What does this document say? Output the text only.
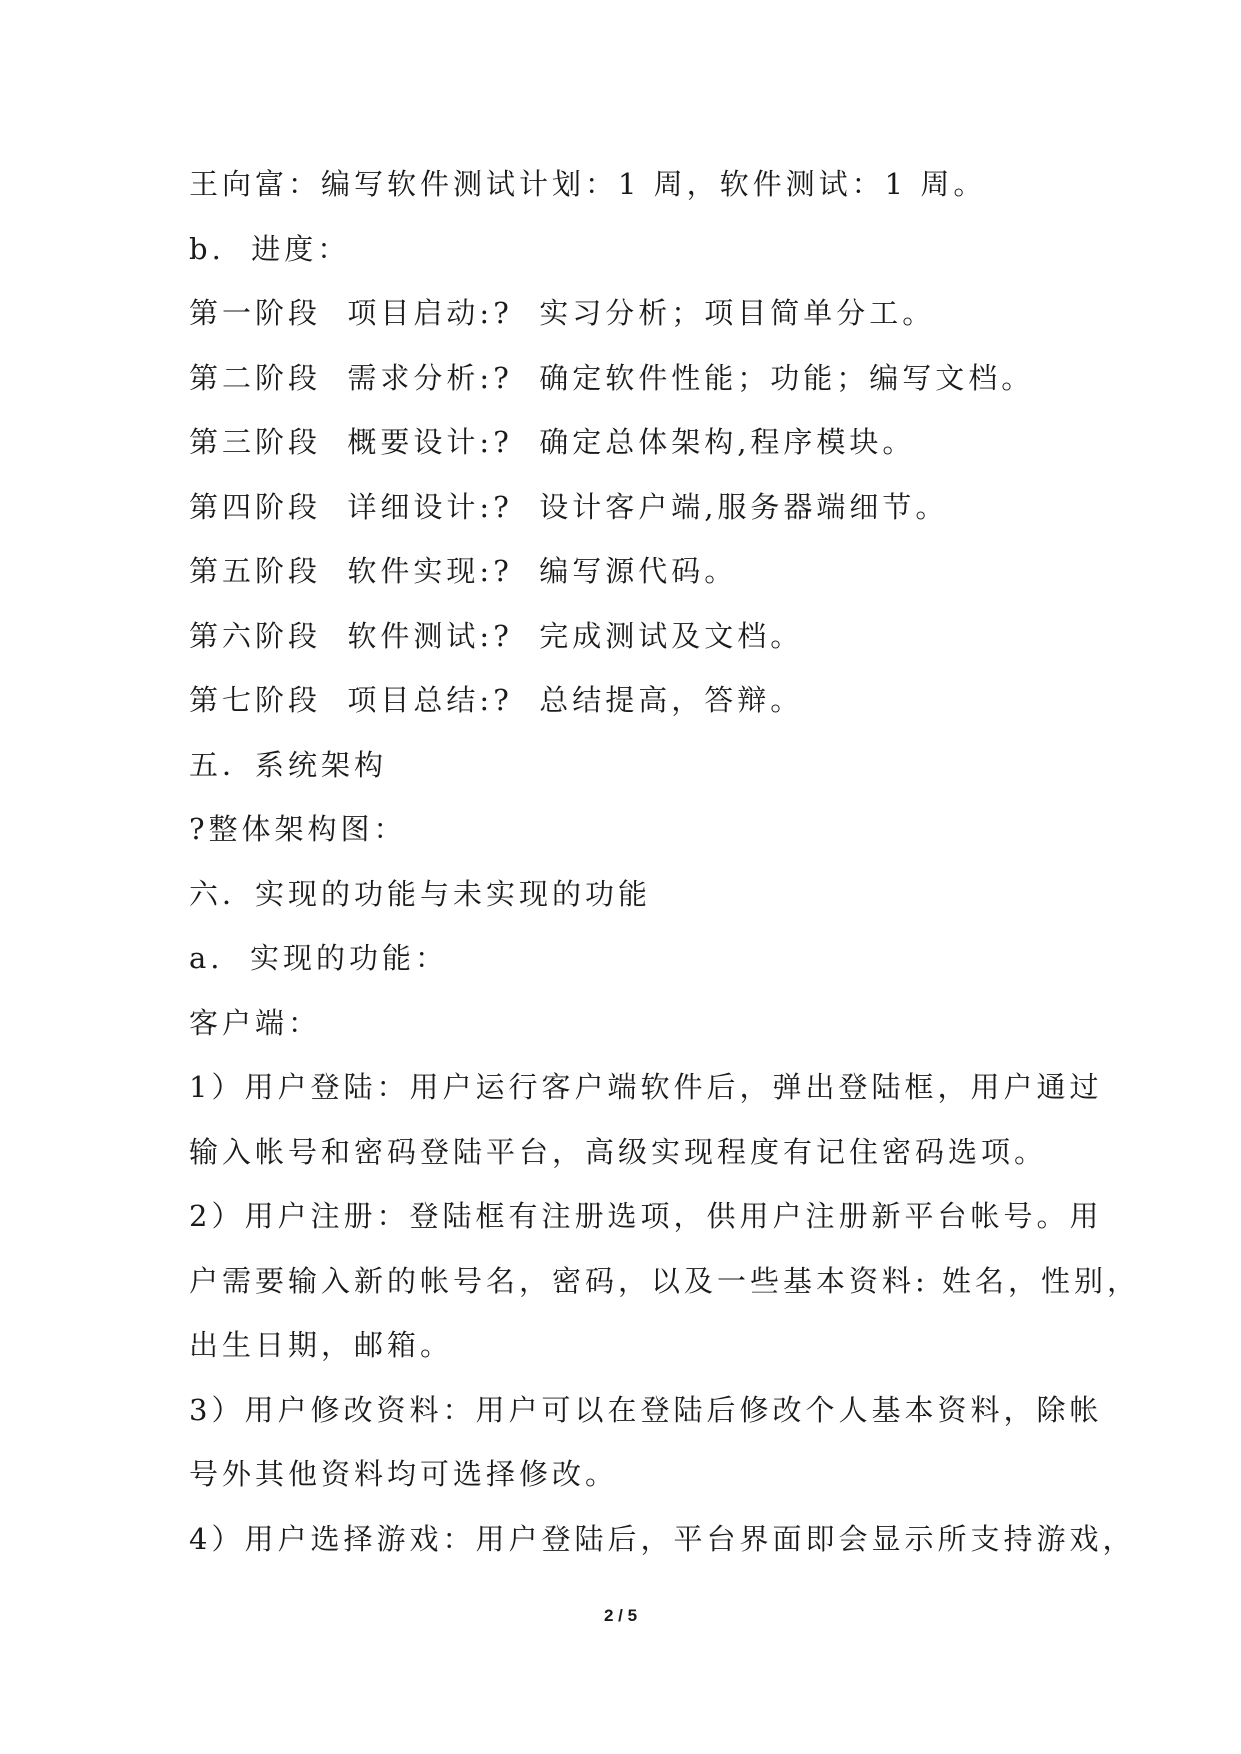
王向富：编写软件测试计划：1 周，软件测试：1 周。
b.  进度：
第一阶段  项目启动:?  实习分析；项目简单分工。
第二阶段  需求分析:?  确定软件性能；功能；编写文档。
第三阶段  概要设计:?  确定总体架构,程序模块。
第四阶段  详细设计:?  设计客户端,服务器端细节。
第五阶段  软件实现:?  编写源代码。
第六阶段  软件测试:?  完成测试及文档。
第七阶段  项目总结:?  总结提高，答辩。
五．系统架构
?整体架构图：
六．实现的功能与未实现的功能
a.  实现的功能：
客户端：
1）用户登陆：用户运行客户端软件后，弹出登陆框，用户通过
输入帐号和密码登陆平台，高级实现程度有记住密码选项。
2）用户注册：登陆框有注册选项，供用户注册新平台帐号。用
户需要输入新的帐号名，密码，以及一些基本资料: 姓名，性别，
出生日期，邮箱。
3）用户修改资料：用户可以在登陆后修改个人基本资料，除帐
号外其他资料均可选择修改。
4）用户选择游戏：用户登陆后，平台界面即会显示所支持游戏，
2 / 5
